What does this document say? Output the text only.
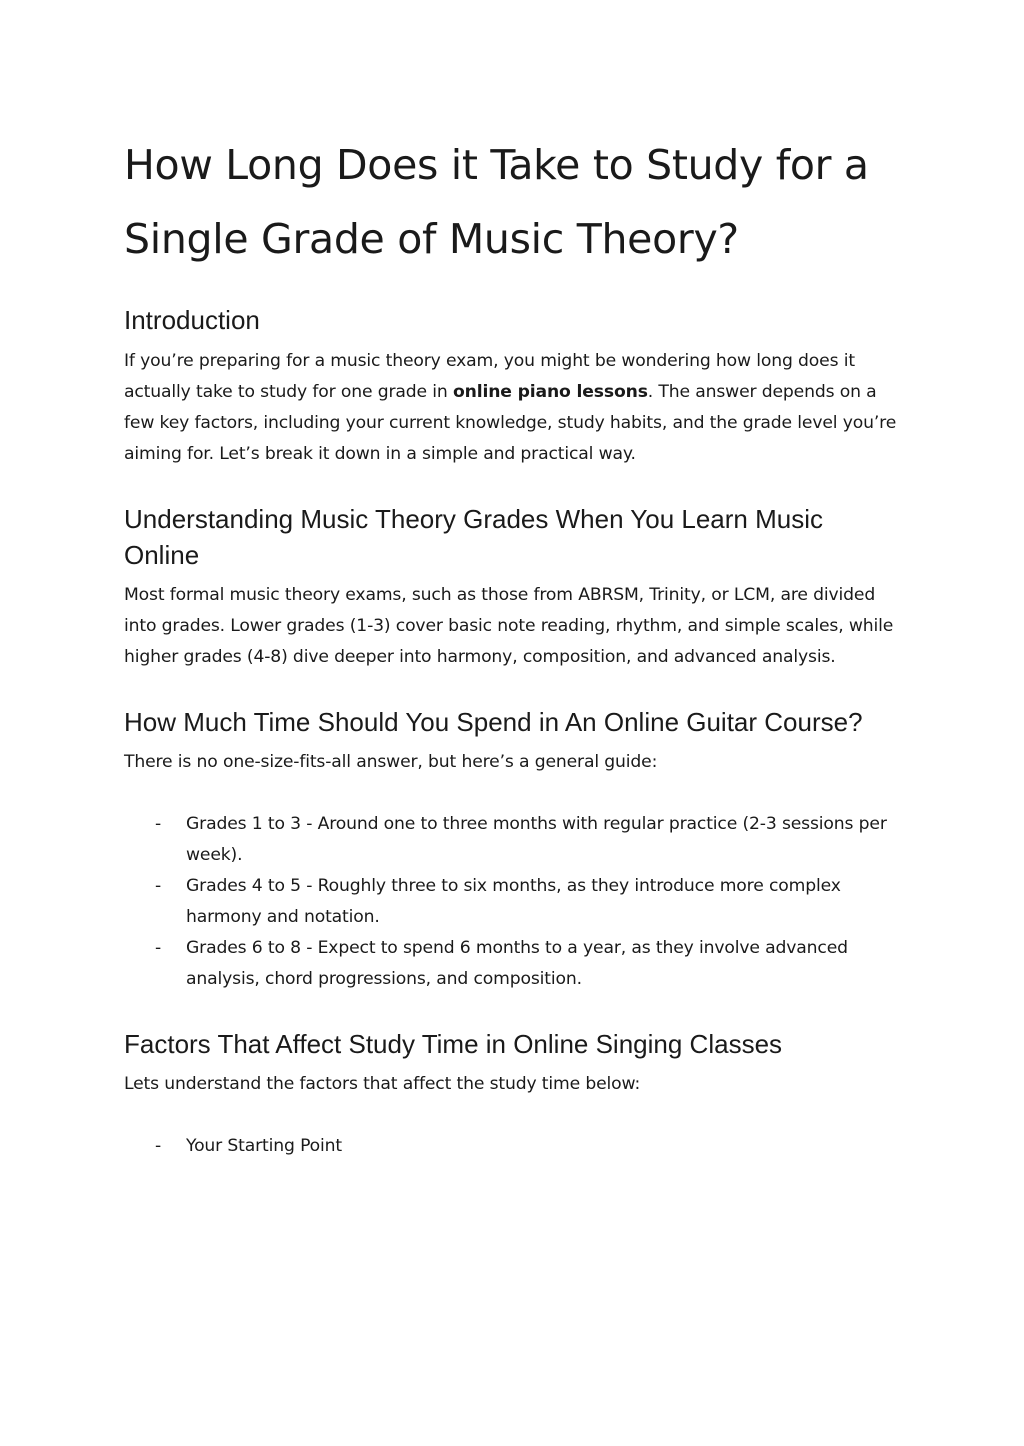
How Long Does it Take to Study for a Single Grade of Music Theory?
Introduction

If you’re preparing for a music theory exam, you might be wondering how long does it actually take to study for one grade in online piano lessons. The answer depends on a few key factors, including your current knowledge, study habits, and the grade level you’re aiming for. Let’s break it down in a simple and practical way.

Understanding Music Theory Grades When You Learn Music Online

Most formal music theory exams, such as those from ABRSM, Trinity, or LCM, are divided into grades. Lower grades (1-3) cover basic note reading, rhythm, and simple scales, while higher grades (4-8) dive deeper into harmony, composition, and advanced analysis.

How Much Time Should You Spend in An Online Guitar Course?

There is no one-size-fits-all answer, but here’s a general guide:

- Grades 1 to 3 - Around one to three months with regular practice (2-3 sessions per week).
- Grades 4 to 5 - Roughly three to six months, as they introduce more complex harmony and notation.
- Grades 6 to 8 - Expect to spend 6 months to a year, as they involve advanced analysis, chord progressions, and composition.
Factors That Affect Study Time in Online Singing Classes

Lets understand the factors that affect the study time below:

- Your Starting Point
